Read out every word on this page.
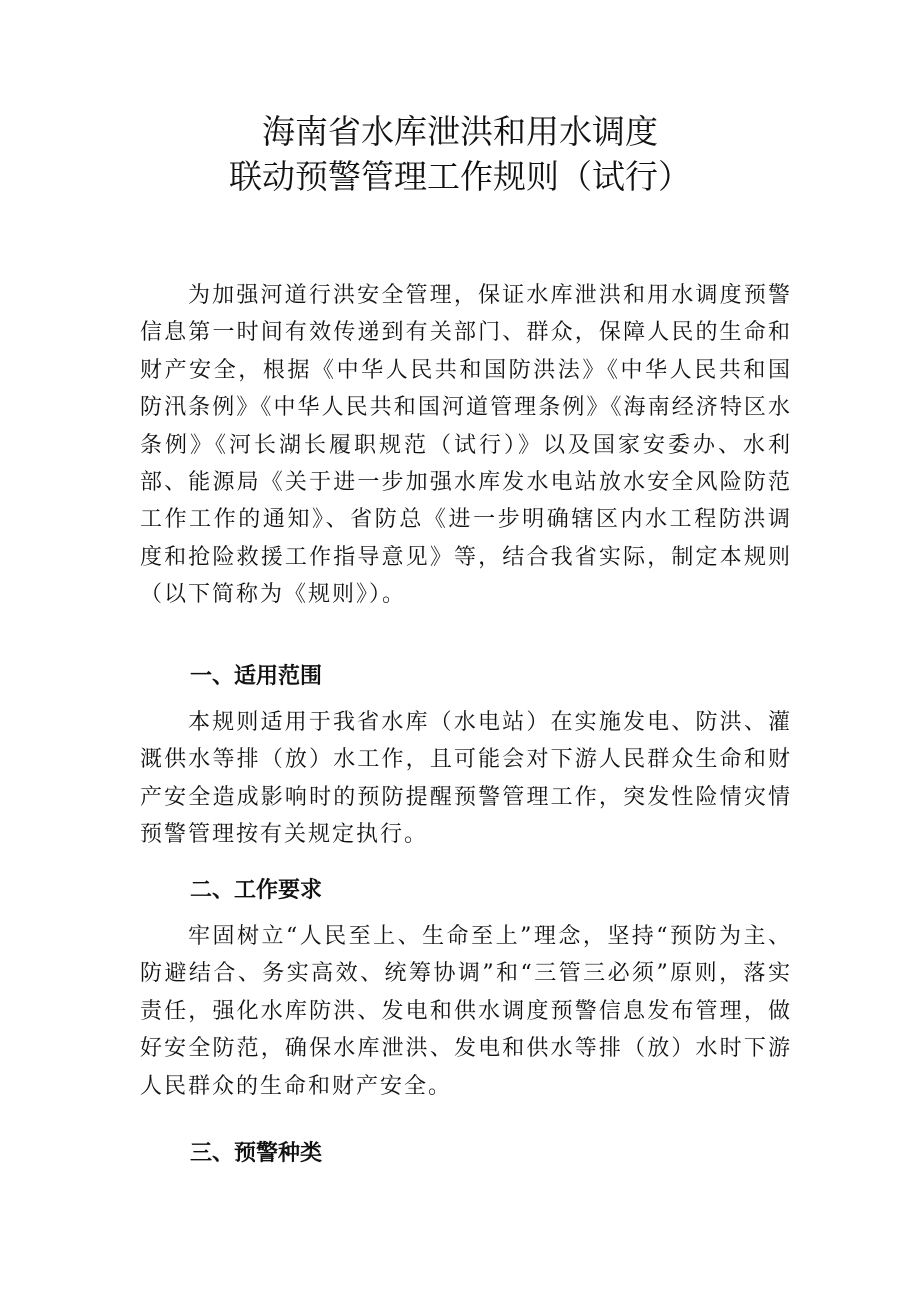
海南省水库泄洪和用水调度
联动预警管理工作规则（试行）

为加强河道行洪安全管理，保证水库泄洪和用水调度预警信息第一时间有效传递到有关部门、群众，保障人民的生命和财产安全，根据《中华人民共和国防洪法》《中华人民共和国防汛条例》《中华人民共和国河道管理条例》《海南经济特区水条例》《河长湖长履职规范（试行）》以及国家安委办、水利部、能源局《关于进一步加强水库发水电站放水安全风险防范工作工作的通知》、省防总《进一步明确辖区内水工程防洪调度和抢险救援工作指导意见》等，结合我省实际，制定本规则（以下简称为《规则》）。

一、适用范围

本规则适用于我省水库（水电站）在实施发电、防洪、灌溉供水等排（放）水工作，且可能会对下游人民群众生命和财产安全造成影响时的预防提醒预警管理工作，突发性险情灾情预警管理按有关规定执行。

二、工作要求

牢固树立“人民至上、生命至上”理念，坚持“预防为主、防避结合、务实高效、统筹协调”和“三管三必须”原则，落实责任，强化水库防洪、发电和供水调度预警信息发布管理，做好安全防范，确保水库泄洪、发电和供水等排（放）水时下游人民群众的生命和财产安全。

三、预警种类
